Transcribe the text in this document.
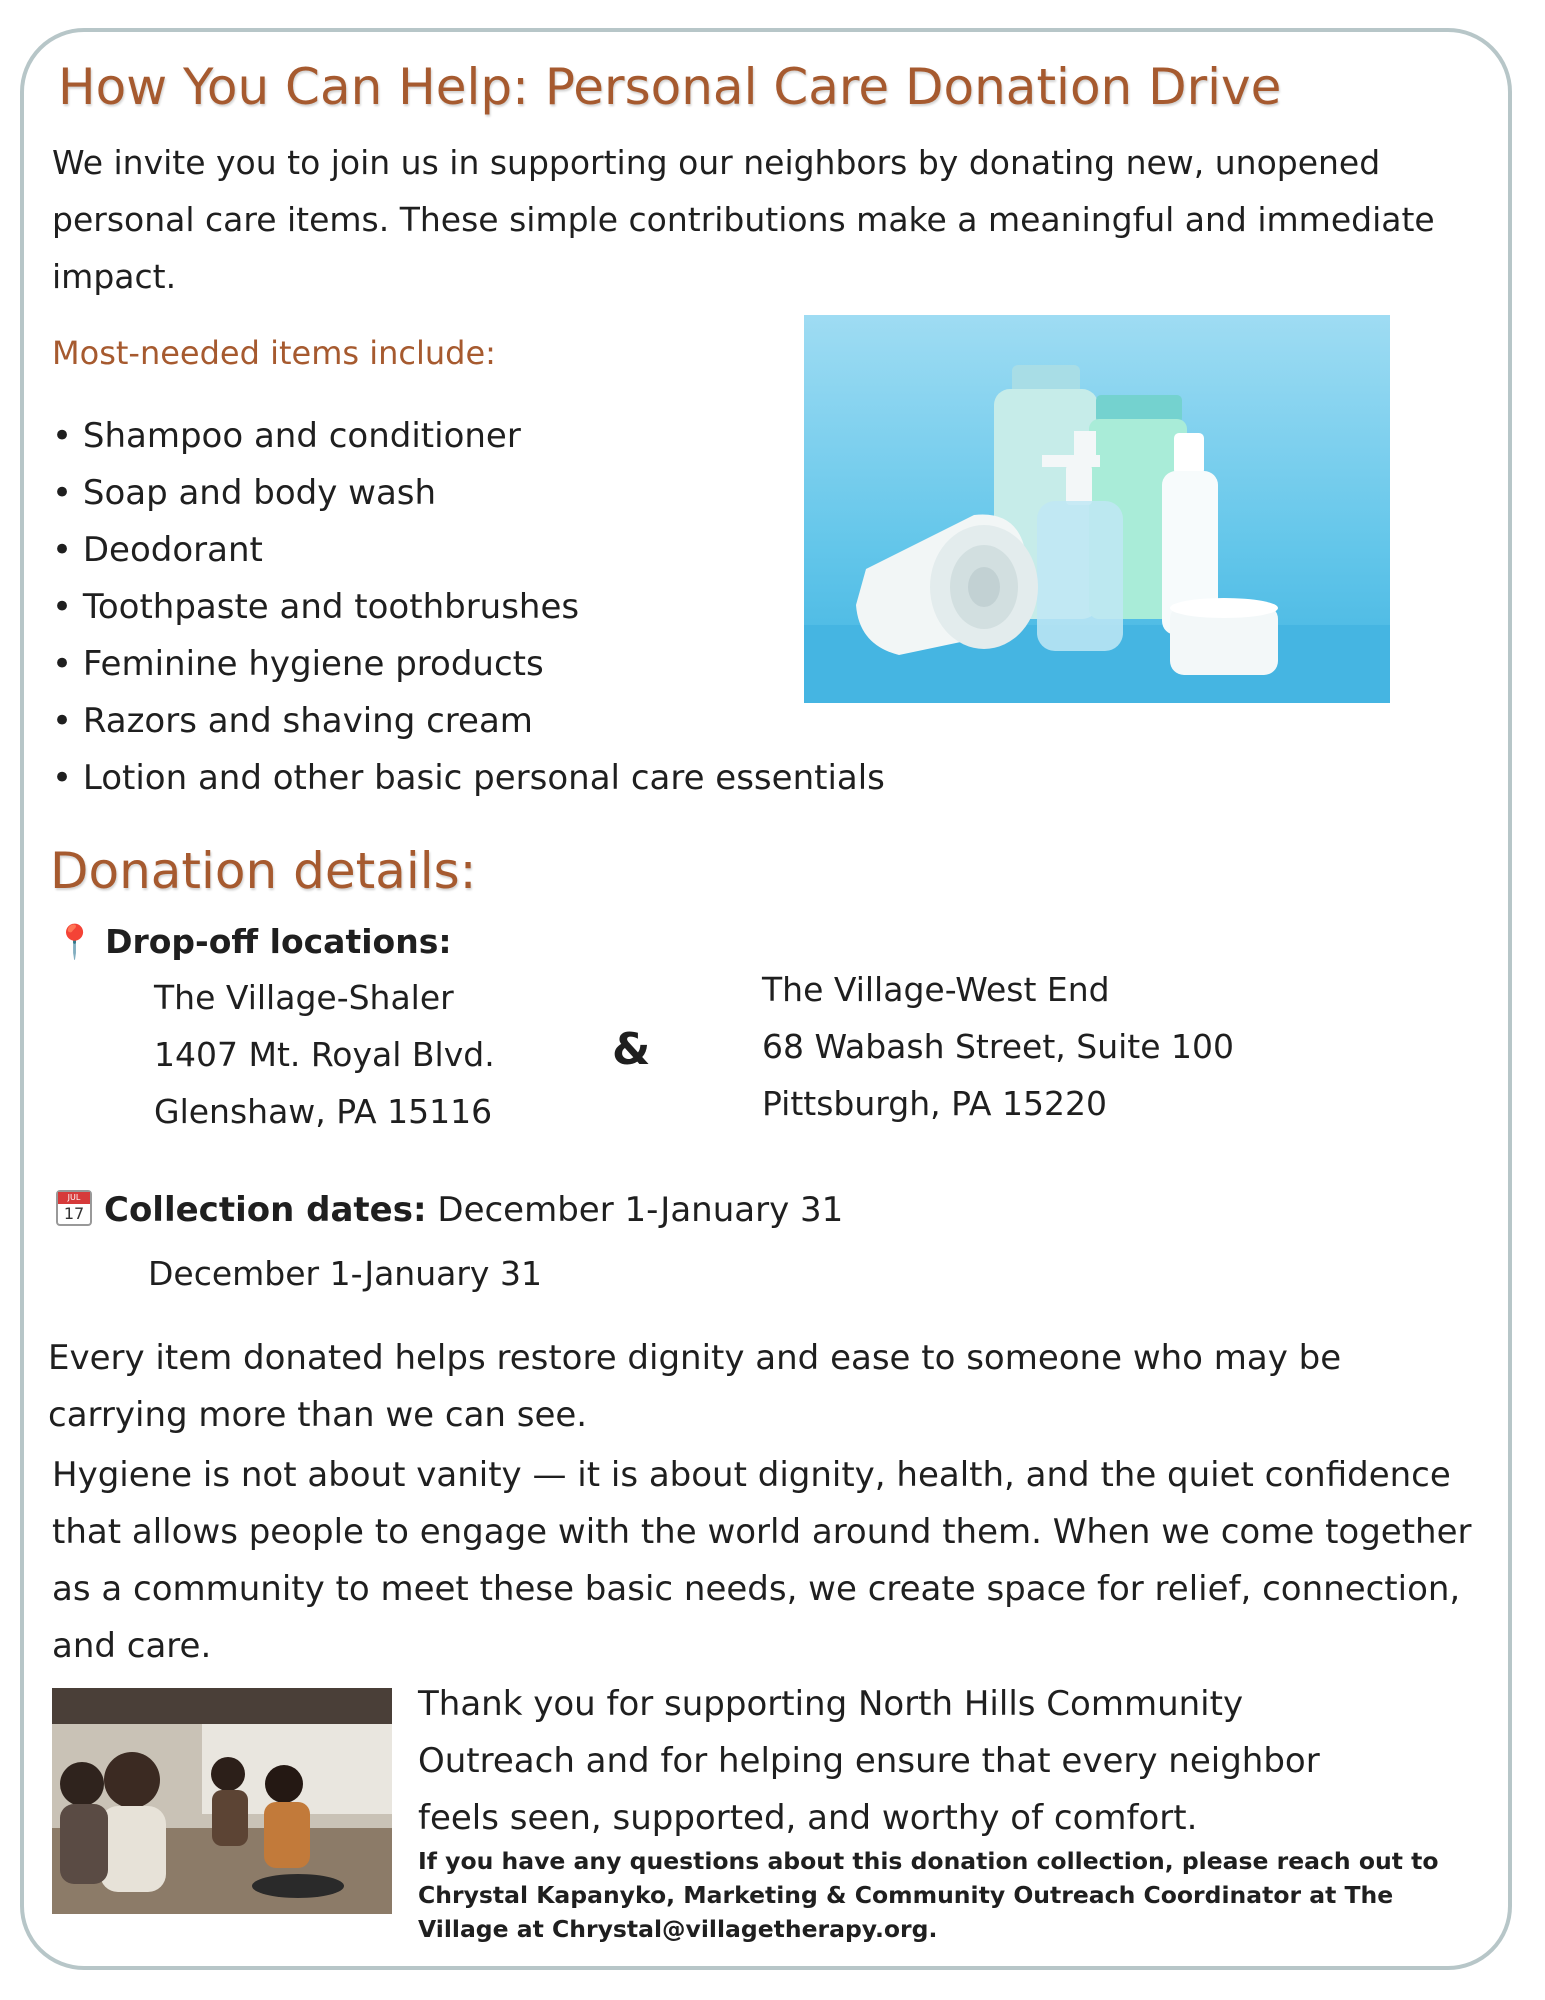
How You Can Help: Personal Care Donation Drive

We invite you to join us in supporting our neighbors by donating new, unopened personal care items. These simple contributions make a meaningful and immediate impact.

Most-needed items include:
• Shampoo and conditioner
• Soap and body wash
• Deodorant
• Toothpaste and toothbrushes
• Feminine hygiene products
• Razors and shaving cream
• Lotion and other basic personal care essentials
Donation details:
📍 Drop-off locations:
The Village-Shaler
1407 Mt. Royal Blvd.
Glenshaw, PA 15116
&
The Village-West End
68 Wabash Street, Suite 100
Pittsburgh, PA 15220
JUL
17 Collection dates: December 1-January 31
December 1-January 31

Every item donated helps restore dignity and ease to someone who may be carrying more than we can see.

Hygiene is not about vanity — it is about dignity, health, and the quiet confidence that allows people to engage with the world around them. When we come together as a community to meet these basic needs, we create space for relief, connection, and care.

Thank you for supporting North Hills Community Outreach and for helping ensure that every neighbor feels seen, supported, and worthy of comfort.

If you have any questions about this donation collection, please reach out to Chrystal Kapanyko, Marketing & Community Outreach Coordinator at The Village at Chrystal@villagetherapy.org.
